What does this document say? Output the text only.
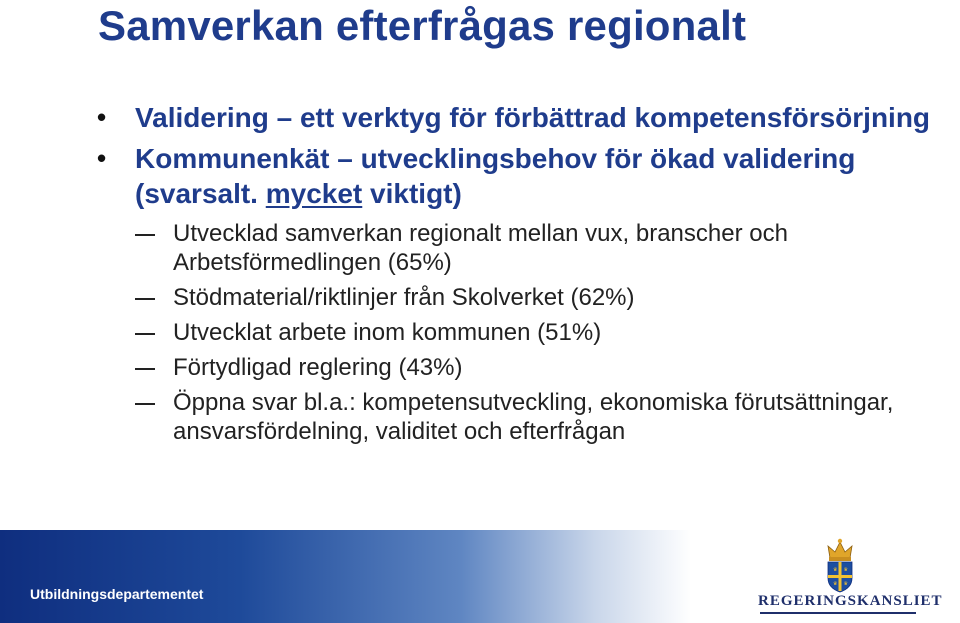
Samverkan efterfrågas regionalt

• Validering – ett verktyg för förbättrad kompetensförsörjning

• Kommunenkät – utvecklingsbehov för ökad validering (svarsalt. mycket viktigt)

Utvecklad samverkan regionalt mellan vux, branscher och Arbetsförmedlingen (65%)

Stödmaterial/riktlinjer från Skolverket (62%)

Utvecklat arbete inom kommunen (51%)

Förtydligad reglering (43%)

Öppna svar bl.a.: kompetensutveckling, ekonomiska förutsättningar, ansvarsfördelning, validitet och efterfrågan

Utbildningsdepartementet
♛ ♛
♛ ♛
REGERINGSKANSLIET
